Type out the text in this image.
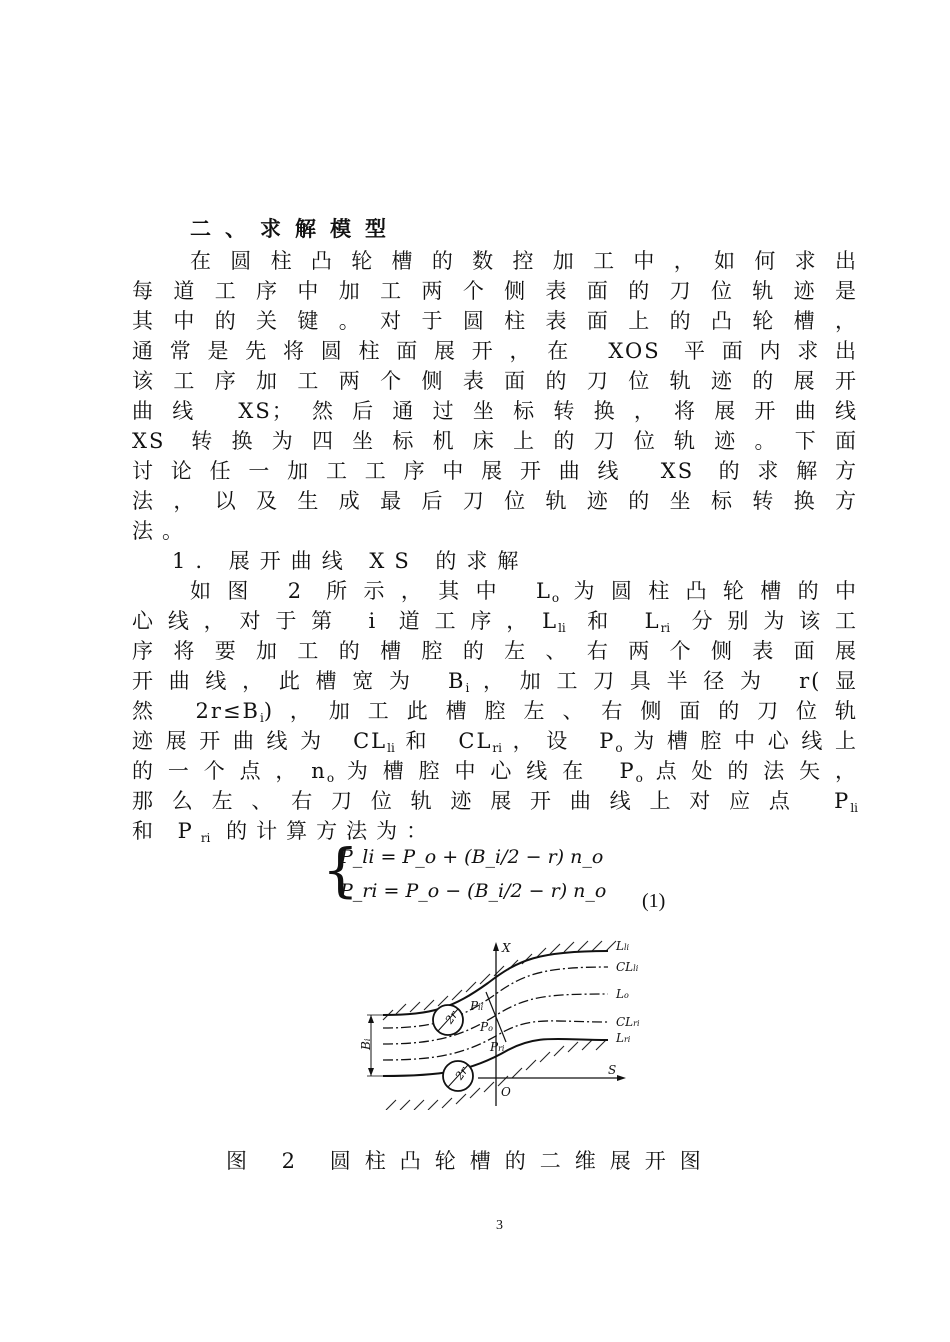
二、求解模型
在圆柱凸轮槽的数控加工中，如何求出
每道工序中加工两个侧表面的刀位轨迹是
其中的关键。对于圆柱表面上的凸轮槽，
通常是先将圆柱面展开，在 XOS 平面内求出
该工序加工两个侧表面的刀位轨迹的展开
曲线 XS；然后通过坐标转换，将展开曲线
XS 转换为四坐标机床上的刀位轨迹。下面
讨论任一加工工序中展开曲线 XS 的求解方
法，以及生成最后刀位轨迹的坐标转换方
法。
1. 展开曲线 XS 的求解
如图 2 所示，其中 $L_o$为圆柱凸轮槽的中
心线，对于第 i 道工序，$L_{li}$ 和 $L_{ri}$ 分别为该工
序将要加工的槽腔的左、右两个侧表面展
开曲线，此槽宽为 $B_i$，加工刀具半径为 r(显
然 $2r\le B_i$)，加工此槽腔左、右侧面的刀位轨
迹展开曲线为 $CL_{li}$和 $CL_{ri}$，设 $P_o$为槽腔中心线上
的一个点，$n_o$为槽腔中心线在 $P_o$点处的法矢，
那么左、右刀位轨迹展开曲线上对应点 $P_{li}$
和 $P_{ri}$ 的计算方法为：
{
P_li = P_o + (B_i/2 − r) n_o
P_ri = P_o − (B_i/2 − r) n_o (1)
2r
2r
X
S
O
Bi
Pli
Po
Pri
Lli
CLli
Lo
CLri
Lri
图 2 圆柱凸轮槽的二维展开图
3
